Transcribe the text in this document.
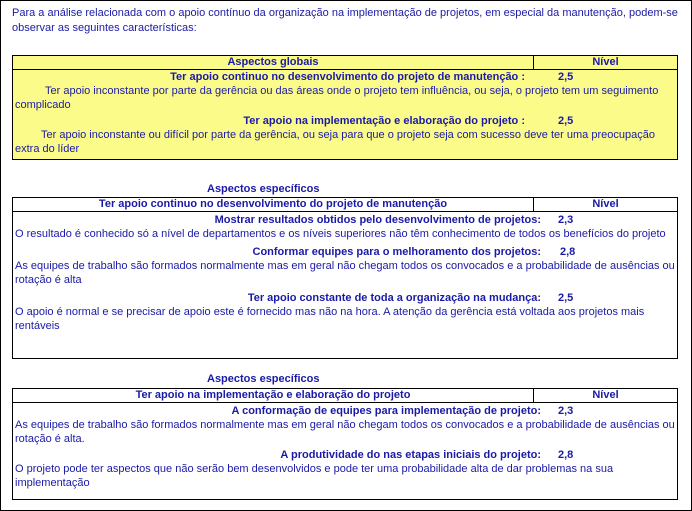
Para a análise relacionada com o apoio contínuo da organização na implementação de projetos, em especial da manutenção, podem-se observar as seguintes características:
Aspectos globais	Nível
Ter apoio continuo no desenvolvimento do projeto de manutenção :	2,5
Ter apoio inconstante por parte da gerência ou das áreas onde o projeto tem influência, ou seja, o projeto tem um seguimento complicado
Ter apoio na implementação e elaboração do projeto :	2,5
Ter apoio inconstante ou difícil por parte da gerência, ou seja para que o projeto seja com sucesso deve ter uma preocupação extra do líder
Aspectos específicos
Ter apoio continuo no desenvolvimento do projeto de manutenção	Nível
Mostrar resultados obtidos pelo desenvolvimento de projetos: 2,3
O resultado é conhecido só a nível de departamentos e os níveis superiores não têm conhecimento de todos os benefícios do projeto
Conformar equipes para o melhoramento dos projetos: 2,8
As equipes de trabalho são formados normalmente mas em geral não chegam todos os convocados e a probabilidade de ausências ou rotação é alta
Ter apoio constante de toda a organização na mudança: 2,5
O apoio é normal e se precisar de apoio este é fornecido mas não na hora. A atenção da gerência está voltada aos projetos mais rentáveis
Aspectos específicos
Ter apoio na implementação e elaboração do projeto	Nível
A conformação de equipes para implementação de projeto: 2,3
As equipes de trabalho são formados normalmente mas em geral não chegam todos os convocados e a probabilidade de ausências ou rotação é alta.
A produtividade do nas etapas iniciais do projeto: 2,8
O projeto pode ter aspectos que não serão bem desenvolvidos e pode ter uma probabilidade alta de dar problemas na sua implementação
